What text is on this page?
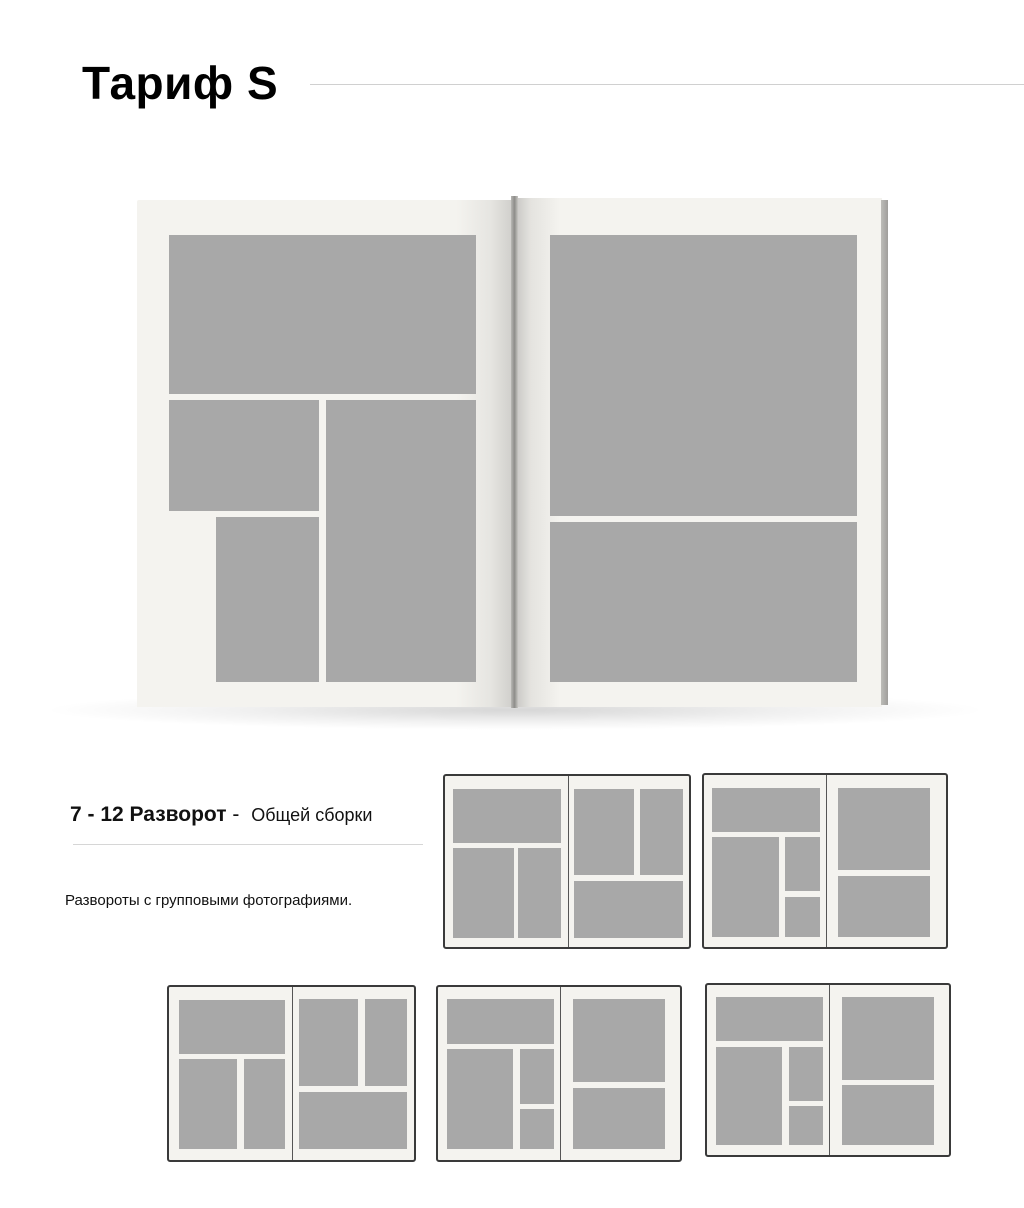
Тариф S
7 - 12 Разворот - Общей сборки
Развороты с групповыми фотографиями.
